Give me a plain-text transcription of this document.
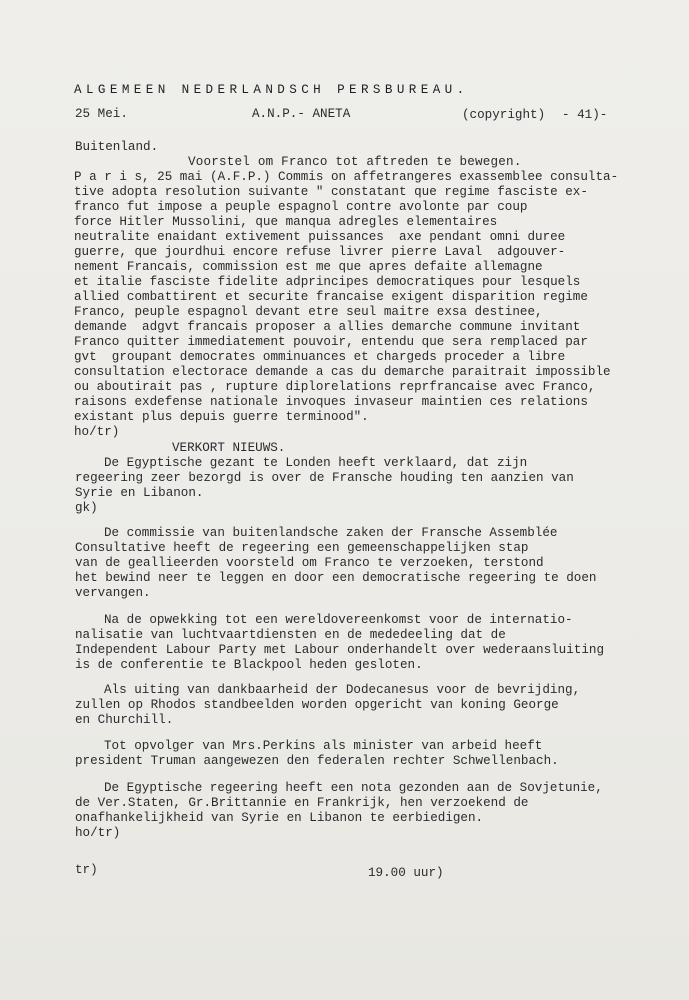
ALGEMEEN NEDERLANDSCH PERSBUREAU.
25 Mei.	A.N.P.- ANETA	(copyright) - 41)-
Buitenland.
Voorstel om Franco tot aftreden te bewegen.
P a r i s, 25 mai (A.F.P.) Commis on affetrangeres exassemblee consulta-
tive adopta resolution suivante " constatant que regime fasciste ex-
franco fut impose a peuple espagnol contre avolonte par coup
force Hitler Mussolini, que manqua adregles elementaires
neutralite enaidant extivement puissances  axe pendant omni duree
guerre, que jourdhui encore refuse livrer pierre Laval  adgouver-
nement Francais, commission est me que apres defaite allemagne
et italie fasciste fidelite adprincipes democratiques pour lesquels
allied combattirent et securite francaise exigent disparition regime
Franco, peuple espagnol devant etre seul maitre exsa destinee,
demande  adgvt francais proposer a allies demarche commune invitant
Franco quitter immediatement pouvoir, entendu que sera remplaced par
gvt  groupant democrates omminuances et chargeds proceder a libre
consultation electorace demande a cas du demarche paraitrait impossible
ou aboutirait pas , rupture diplorelations reprfrancaise avec Franco,
raisons exdefense nationale invoques invaseur maintien ces relations
existant plus depuis guerre terminood".
ho/tr)
VERKORT NIEUWS.
De Egyptische gezant te Londen heeft verklaard, dat zijn
regeering zeer bezorgd is over de Fransche houding ten aanzien van
Syrie en Libanon.
gk)
De commissie van buitenlandsche zaken der Fransche Assemblée
Consultative heeft de regeering een gemeenschappelijken stap
van de geallieerden voorsteld om Franco te verzoeken, terstond
het bewind neer te leggen en door een democratische regeering te doen
vervangen.
Na de opwekking tot een wereldovereenkomst voor de internatio-
nalisatie van luchtvaartdiensten en de mededeeling dat de
Independent Labour Party met Labour onderhandelt over wederaansluiting
is de conferentie te Blackpool heden gesloten.
Als uiting van dankbaarheid der Dodecanesus voor de bevrijding,
zullen op Rhodos standbeelden worden opgericht van koning George
en Churchill.
Tot opvolger van Mrs.Perkins als minister van arbeid heeft
president Truman aangewezen den federalen rechter Schwellenbach.
De Egyptische regeering heeft een nota gezonden aan de Sovjetunie,
de Ver.Staten, Gr.Brittannie en Frankrijk, hen verzoekend de
onafhankelijkheid van Syrie en Libanon te eerbiedigen.
ho/tr)
tr)	19.00 uur)
